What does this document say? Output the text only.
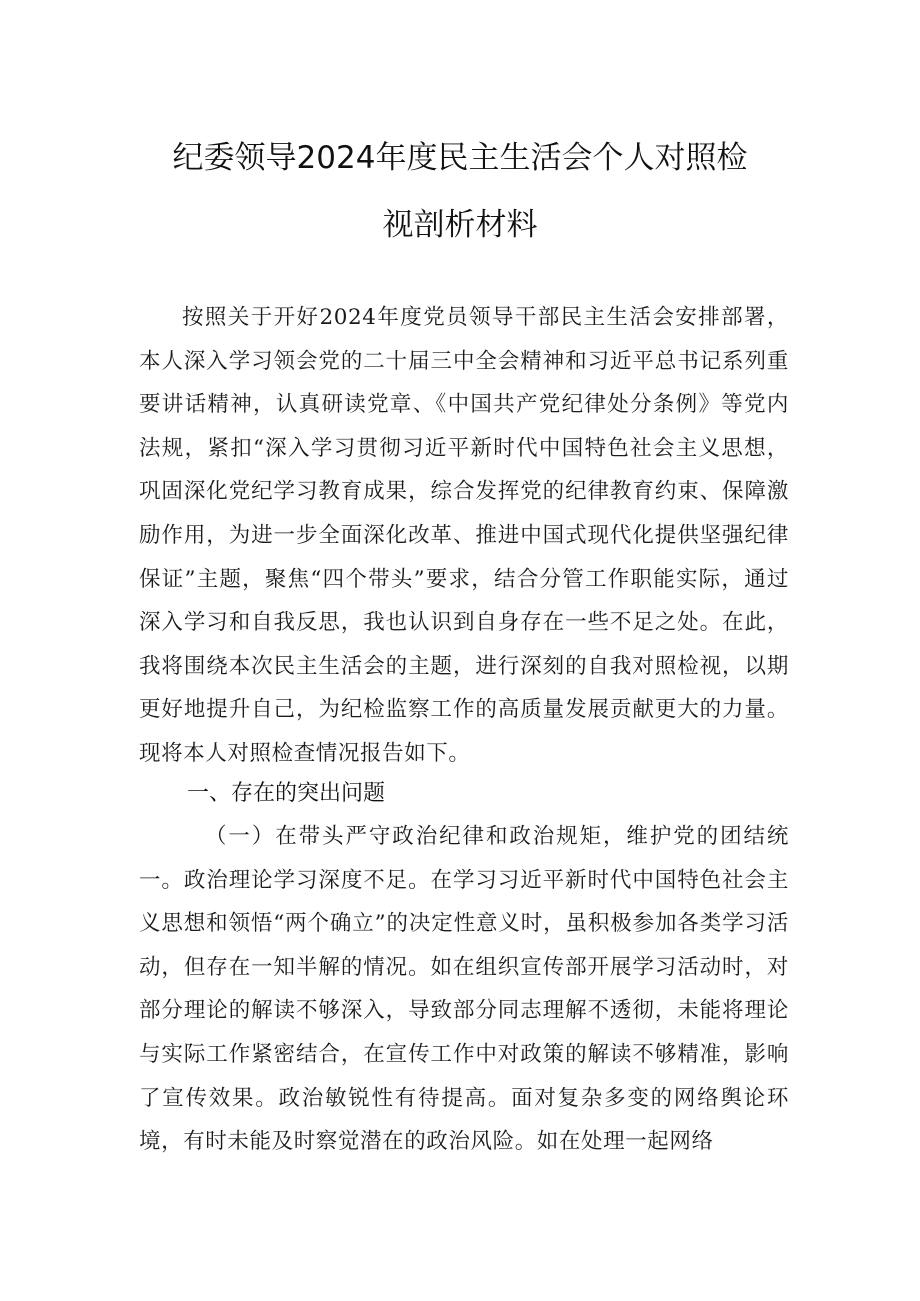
纪委领导2024年度民主生活会个人对照检
视剖析材料

按照关于开好2024年度党员领导干部民主生活会安排部署，本人深入学习领会党的二十届三中全会精神和习近平总书记系列重要讲话精神，认真研读党章、《中国共产党纪律处分条例》等党内法规，紧扣“深入学习贯彻习近平新时代中国特色社会主义思想，巩固深化党纪学习教育成果，综合发挥党的纪律教育约束、保障激励作用，为进一步全面深化改革、推进中国式现代化提供坚强纪律保证”主题，聚焦“四个带头”要求，结合分管工作职能实际，通过深入学习和自我反思，我也认识到自身存在一些不足之处。在此，我将围绕本次民主生活会的主题，进行深刻的自我对照检视，以期更好地提升自己，为纪检监察工作的高质量发展贡献更大的力量。现将本人对照检查情况报告如下。

一、存在的突出问题

（一）在带头严守政治纪律和政治规矩，维护党的团结统一。政治理论学习深度不足。在学习习近平新时代中国特色社会主义思想和领悟“两个确立”的决定性意义时，虽积极参加各类学习活动，但存在一知半解的情况。如在组织宣传部开展学习活动时，对部分理论的解读不够深入，导致部分同志理解不透彻，未能将理论与实际工作紧密结合，在宣传工作中对政策的解读不够精准，影响了宣传效果。政治敏锐性有待提高。面对复杂多变的网络舆论环境，有时未能及时察觉潜在的政治风险。如在处理一起网络
